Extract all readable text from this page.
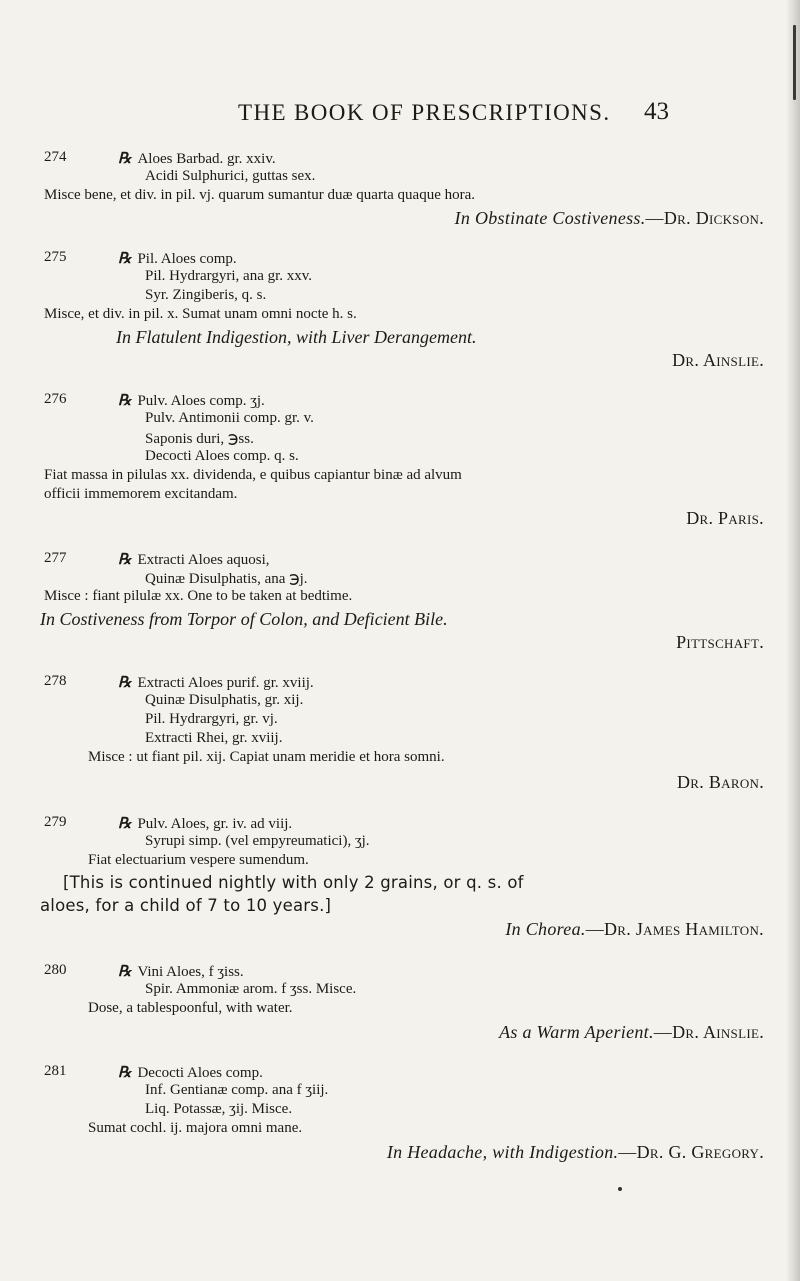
THE BOOK OF PRESCRIPTIONS. 43
274	℞ Aloes Barbad. gr. xxiv.
Acidi Sulphurici, guttas sex.
Misce bene, et div. in pil. vj. quarum sumantur duæ quarta quaque hora.
In Obstinate Costiveness.—Dr. Dickson.
275	℞ Pil. Aloes comp.
Pil. Hydrargyri, ana gr. xxv.
Syr. Zingiberis, q. s.
Misce, et div. in pil. x. Sumat unam omni nocte h. s.
In Flatulent Indigestion, with Liver Derangement.
Dr. Ainslie.
276	℞ Pulv. Aloes comp. ʒj.
Pulv. Antimonii comp. gr. v.
Saponis duri, ℈ss.
Decocti Aloes comp. q. s.
Fiat massa in pilulas xx. dividenda, e quibus capiantur binæ ad alvum
officii immemorem excitandam.
Dr. Paris.
277	℞ Extracti Aloes aquosi,
Quinæ Disulphatis, ana ℈j.
Misce : fiant pilulæ xx. One to be taken at bedtime.
In Costiveness from Torpor of Colon, and Deficient Bile.
Pittschaft.
278	℞ Extracti Aloes purif. gr. xviij.
Quinæ Disulphatis, gr. xij.
Pil. Hydrargyri, gr. vj.
Extracti Rhei, gr. xviij.
Misce : ut fiant pil. xij. Capiat unam meridie et hora somni.
Dr. Baron.
279	℞ Pulv. Aloes, gr. iv. ad viij.
Syrupi simp. (vel empyreumatici), ʒj.
Fiat electuarium vespere sumendum.
[This is continued nightly with only 2 grains, or q. s. of
aloes, for a child of 7 to 10 years.]
In Chorea.—Dr. James Hamilton.
280	℞ Vini Aloes, f ʒiss.
Spir. Ammoniæ arom. f ʒss. Misce.
Dose, a tablespoonful, with water.
As a Warm Aperient.—Dr. Ainslie.
281	℞ Decocti Aloes comp.
Inf. Gentianæ comp. ana f ʒiij.
Liq. Potassæ, ʒij. Misce.
Sumat cochl. ij. majora omni mane.
In Headache, with Indigestion.—Dr. G. Gregory.
